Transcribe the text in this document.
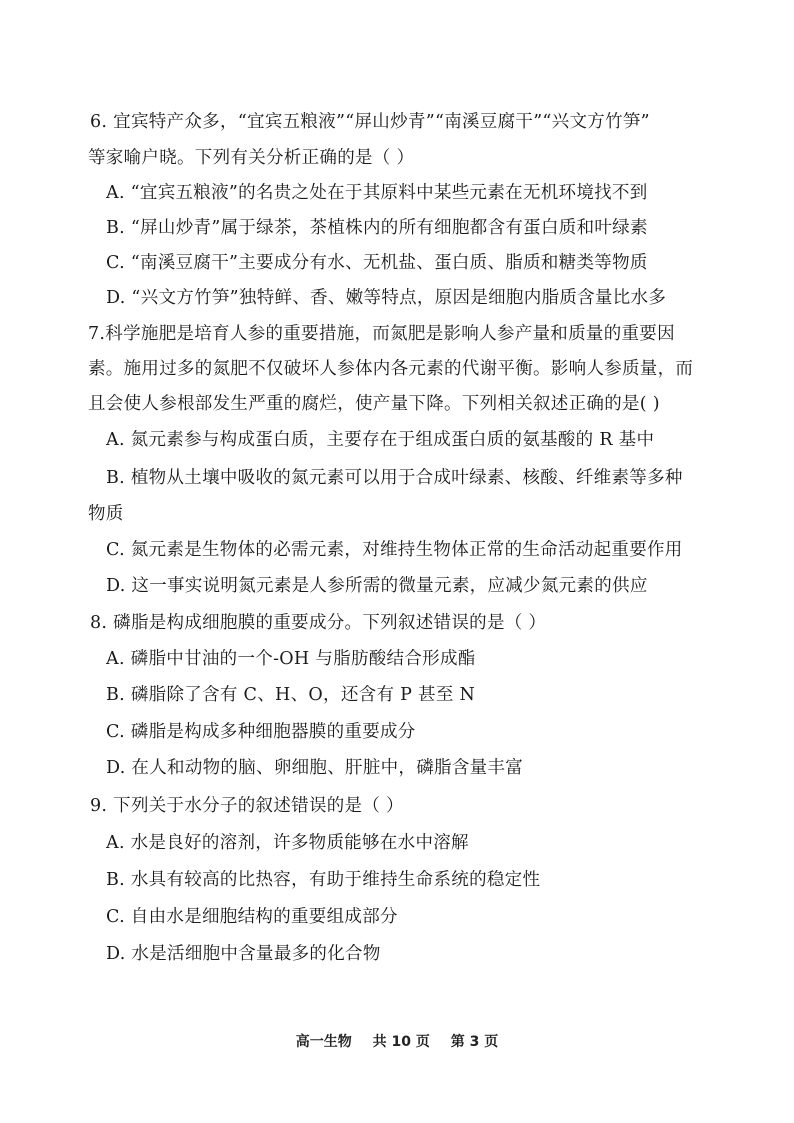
6. 宜宾特产众多，“宜宾五粮液”“屏山炒青”“南溪豆腐干”“兴文方竹笋”
等家喻户晓。下列有关分析正确的是（ ）
A. “宜宾五粮液”的名贵之处在于其原料中某些元素在无机环境找不到
B. “屏山炒青”属于绿茶，茶植株内的所有细胞都含有蛋白质和叶绿素
C. “南溪豆腐干”主要成分有水、无机盐、蛋白质、脂质和糖类等物质
D. “兴文方竹笋”独特鲜、香、嫩等特点，原因是细胞内脂质含量比水多
7.科学施肥是培育人参的重要措施，而氮肥是影响人参产量和质量的重要因
素。施用过多的氮肥不仅破坏人参体内各元素的代谢平衡。影响人参质量，而
且会使人参根部发生严重的腐烂，使产量下降。下列相关叙述正确的是( )
A. 氮元素参与构成蛋白质，主要存在于组成蛋白质的氨基酸的 R 基中
B. 植物从土壤中吸收的氮元素可以用于合成叶绿素、核酸、纤维素等多种
物质
C. 氮元素是生物体的必需元素，对维持生物体正常的生命活动起重要作用
D. 这一事实说明氮元素是人参所需的微量元素，应减少氮元素的供应
8. 磷脂是构成细胞膜的重要成分。下列叙述错误的是（ ）
A. 磷脂中甘油的一个-OH 与脂肪酸结合形成酯
B. 磷脂除了含有 C、H、O，还含有 P 甚至 N
C. 磷脂是构成多种细胞器膜的重要成分
D. 在人和动物的脑、卵细胞、肝脏中，磷脂含量丰富
9. 下列关于水分子的叙述错误的是（ ）
A. 水是良好的溶剂，许多物质能够在水中溶解
B. 水具有较高的比热容，有助于维持生命系统的稳定性
C. 自由水是细胞结构的重要组成部分
D. 水是活细胞中含量最多的化合物
高一生物 共 10 页 第 3 页
